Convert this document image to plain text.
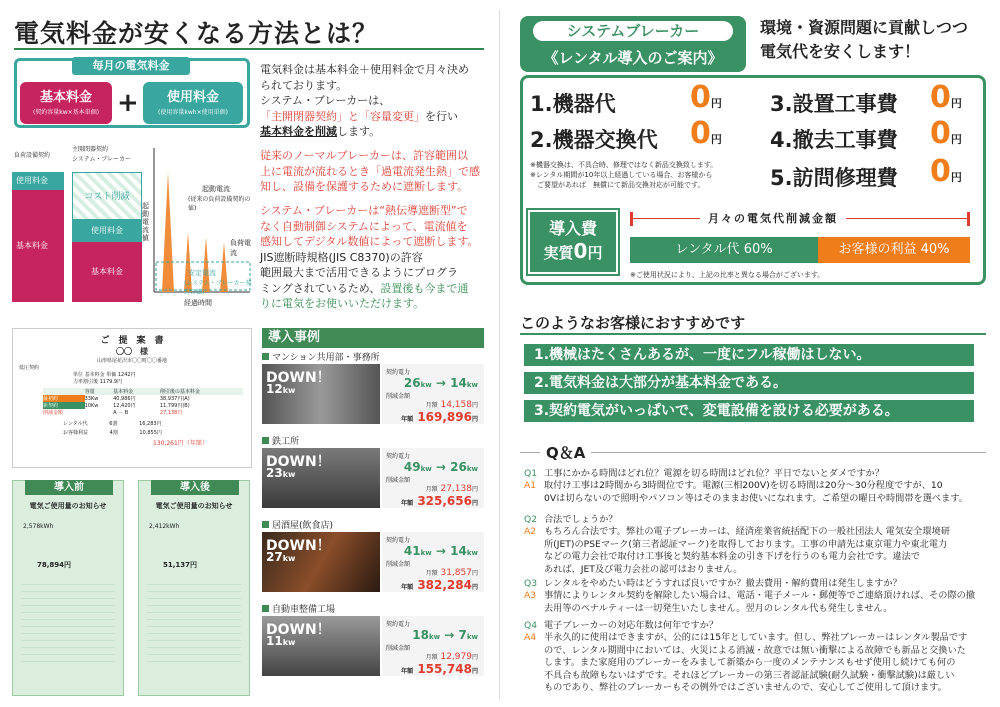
電気料金が安くなる方法とは？
毎月の電気料金
基本料金
(契約容量kw×基本単価) +	使用料金
(使用容量kwh×使用単価)

電気料金は基本料金＋使用料金で月々決め

られております。

システム・ブレーカーは、

「主開閉器契約」と「容量変更」を行い

基本料金を削減します。

従来のノーマルブレーカーは、許容範囲以

上に電流が流れるとき「過電流発生熱」で感

知し、設備を保護するために遮断します。

システム・ブレーカーは“熱伝導遮断型”で

なく自動制御システムによって、電流値を

感知してデジタル数値によって遮断します。

JIS遮断時規格(JIS C8370)の許容

範囲最大まで活用できるようにプログラ

ミングされているため、設置後も今まで通

りに電気をお使いいただけます。

負荷設備契約
主開閉器契約
システム・ブレーカー
使用料金
基本料金
コスト削減
使用料金
基本料金
起動電流
(従来の負荷設備契約の値)
起動電流値
負荷電流
安定電流
(システム・ブレーカー契約の値)
経過時間
ご　提　案　書
〇〇　様
山形県尾花沢市〇〇町〇〇番地
低圧契約
単位 基本料金 単価 1242円
力率割引後 1179.9円
	容量	基本料金	削引後の基本料金
最初約	33Kw	40,986円	38,937円(A)
新契約	10Kw	12,420円	11,799円(B)
削減金額		A － B	27,138円
レンタル代	6割	16,283円
お客様利益	4割	10,855円
130,261円（年額）
導入前
電気ご使用量のお知らせ
2,578kWh
78,894円
導入後
電気ご使用量のお知らせ
2,412kWh
51,137円
導入事例
マンション共用部・事務所
DOWN！
12kw
契約電力
26kw → 14kw
削減金額
月額 14,158円
年額 169,896円
鉄工所
DOWN！
23kw
契約電力
49kw → 26kw
削減金額
月額 27,138円
年額 325,656円
居酒屋(飲食店)
DOWN！
27kw
契約電力
41kw → 14kw
削減金額
月額 31,857円
年額 382,284円
自動車整備工場
DOWN！
11kw
契約電力
18kw → 7kw
削減金額
月額 12,979円
年額 155,748円
システムブレーカー
《レンタル導入のご案内》
環境・資源問題に貢献しつつ
電気代を安くします！
1.機器代 0円
2.機器交換代 0円
3.設置工事費 0円
4.撤去工事費 0円
5.訪問修理費 0円
※機器交換は、不具合時、修理ではなく新品交換致します。
※レンタル期間が10年以上経過している場合、お客様から
　ご要望があれば　無償にて新品交換対応が可能です。
導入費
実質0円
月々の電気代削減金額
レンタル代 60%	お客様の利益 40%
※ご使用状況により、上記の比率と異なる場合がございます。
このようなお客様におすすめです
1.機械はたくさんあるが、一度にフル稼働はしない。
2.電気料金は大部分が基本料金である。
3.契約電気がいっぱいで、変電設備を設ける必要がある。
Q＆A
Q1 工事にかかる時間はどれ位？電源を切る時間はどれ位？平日でないとダメですか？
A1 取付け工事は2時間から3時間位です。電源(三相200V)を切る時間は20分～30分程度ですが、10
0Vは切らないので照明やパソコン等はそのままお使いになれます。ご希望の曜日や時間帯を選べます。
Q2 合法でしょうか？
A2 もちろん合法です。弊社の電子ブレーカーは、経済産業省統括配下の一般社団法人 電気安全環境研
所(JET)のPSEマーク(第三者認証マーク)を取得しております。工事の申請先は東京電力や東北電力
などの電力会社で取付け工事後と契約基本料金の引き下げを行うのも電力会社です。違法で
あれば、JET及び電力会社の認可はおりません。
Q3 レンタルをやめたい時はどうすれば良いですか？撤去費用・解約費用は発生しますか？
A3 事情によりレンタル契約を解除したい場合は、電話・電子メール・郵便等でご連絡頂ければ、その際の撤
去用等のペナルティーは一切発生いたしません。翌月のレンタル代も発生しません。
Q4 電子ブレーカーの対応年数は何年ですか？
A4 半永久的に使用はできますが、公的には15年としています。但し、弊社ブレーカーはレンタル製品です
ので、レンタル期間中においては、火災による消滅・故意では無い衝撃による故障でも新品と交換いた
します。また家庭用のブレーカーをみまして新築から一度のメンテナンスもせず使用し続けても何の
不具合も故障もないはずです。それほどブレーカーの第三者認証試験(耐久試験・衝撃試験)は厳しい
ものであり、弊社のブレーカーもその例外ではございませんので、安心してご使用して頂けます。
